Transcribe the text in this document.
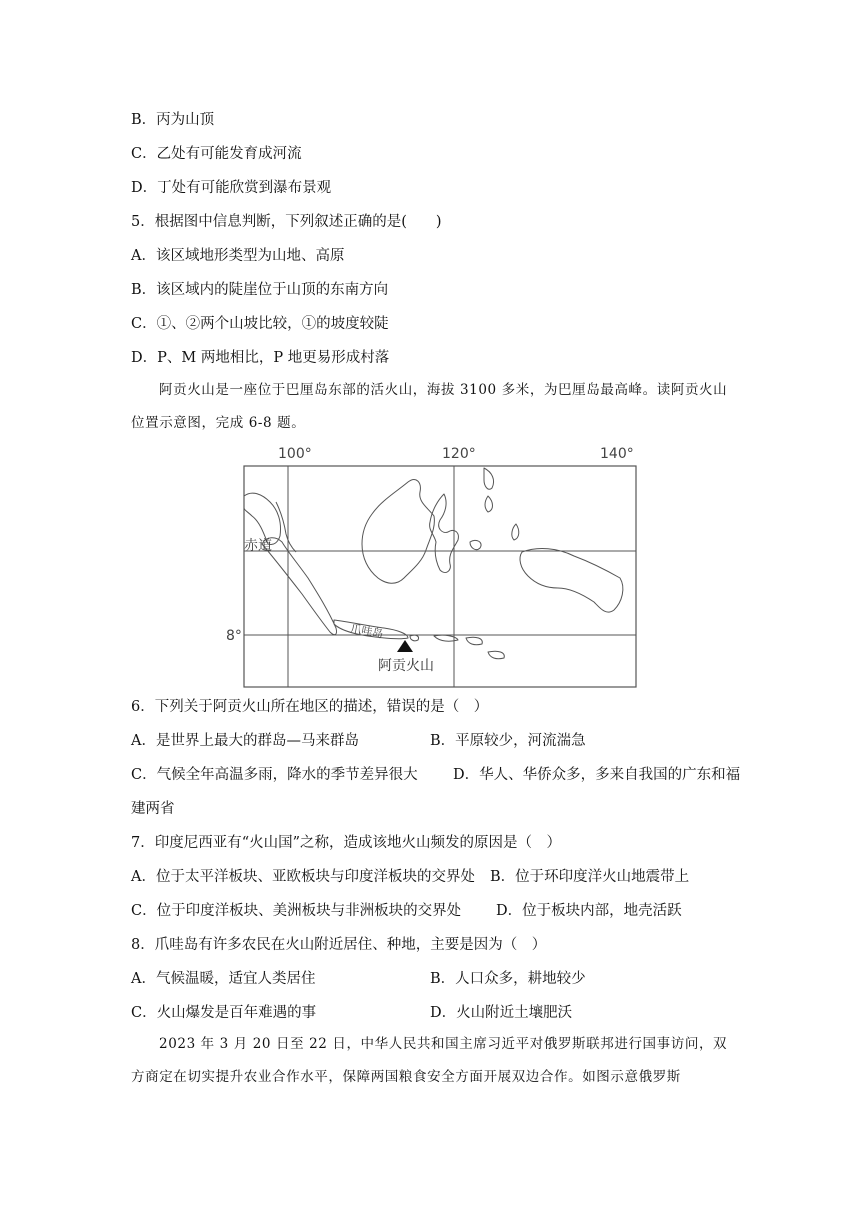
B．丙为山顶
C．乙处有可能发育成河流
D．丁处有可能欣赏到瀑布景观
5．根据图中信息判断，下列叙述正确的是(　　)
A．该区域地形类型为山地、高原
B．该区域内的陡崖位于山顶的东南方向
C．①、②两个山坡比较，①的坡度较陡
D．P、M 两地相比，P 地更易形成村落
阿贡火山是一座位于巴厘岛东部的活火山，海拔 3100 多米，为巴厘岛最高峰。读阿贡火山位置示意图，完成 6-8 题。
100°	120°	140°
赤道
8°	爪哇岛
阿贡火山
6．下列关于阿贡火山所在地区的描述，错误的是（　）
A．是世界上最大的群岛—马来群岛	B．平原较少，河流湍急
C．气候全年高温多雨，降水的季节差异很大 D．华人、华侨众多，多来自我国的广东和福
建两省
7．印度尼西亚有“火山国”之称，造成该地火山频发的原因是（　）
A．位于太平洋板块、亚欧板块与印度洋板块的交界处 B．位于环印度洋火山地震带上
C．位于印度洋板块、美洲板块与非洲板块的交界处 D．位于板块内部，地壳活跃
8．爪哇岛有许多农民在火山附近居住、种地，主要是因为（　）
A．气候温暖，适宜人类居住	B．人口众多，耕地较少
C．火山爆发是百年难遇的事	D．火山附近土壤肥沃
2023 年 3 月 20 日至 22 日，中华人民共和国主席习近平对俄罗斯联邦进行国事访问，双方商定在切实提升农业合作水平，保障两国粮食安全方面开展双边合作。如图示意俄罗斯
